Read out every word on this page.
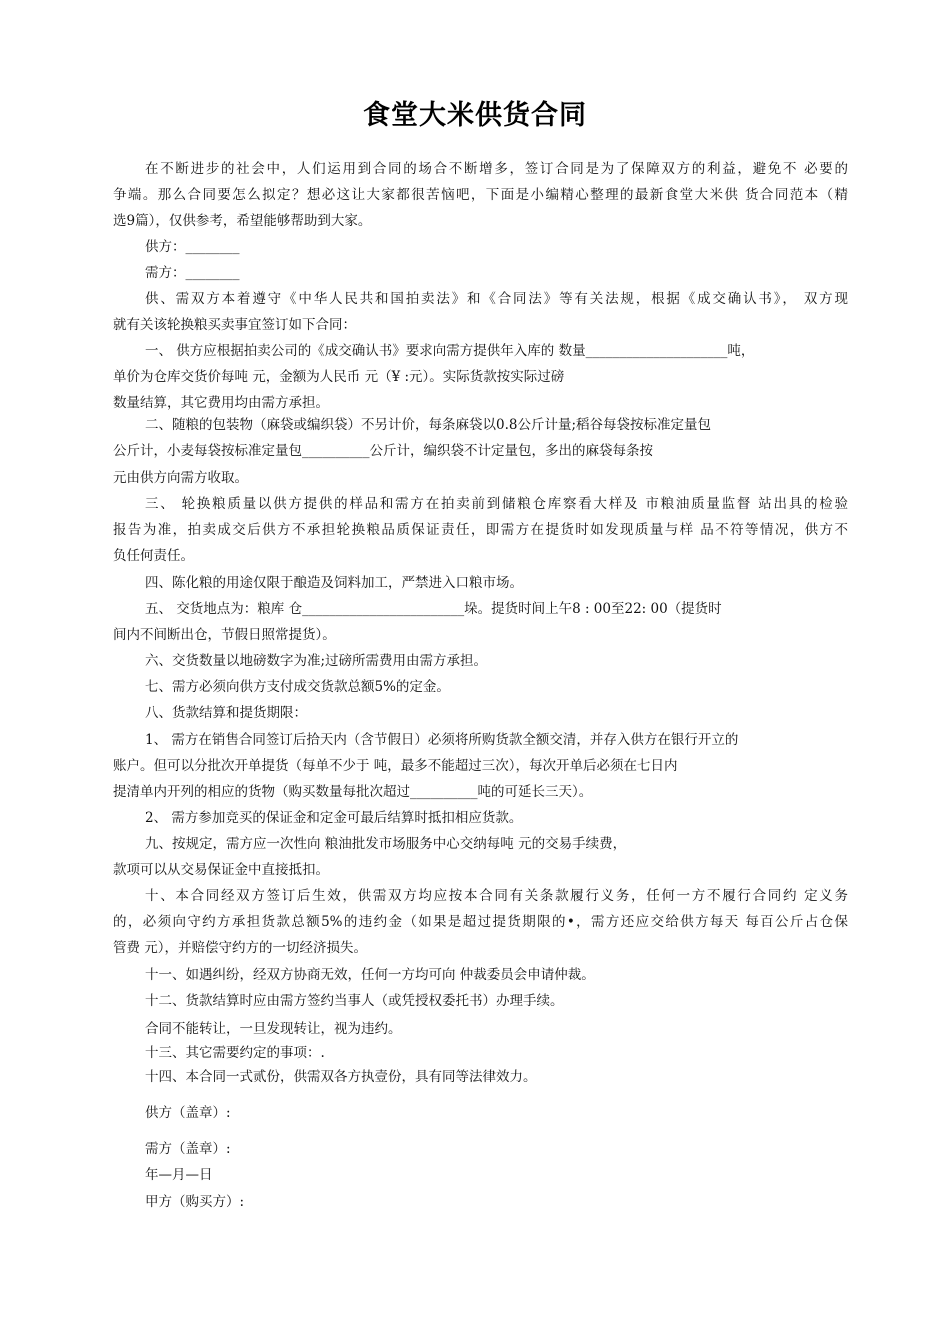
食堂大米供货合同
在不断进步的社会中，人们运用到合同的场合不断增多，签订合同是为了保障双方的利益，避免不 必要的
争端。那么合同要怎么拟定？想必这让大家都很苦恼吧，下面是小编精心整理的最新食堂大米供 货合同范本（精
选9篇），仅供参考，希望能够帮助到大家。
供方：________
需方：________
供、需双方本着遵守《中华人民共和国拍卖法》和《合同法》等有关法规，根据《成交确认书》， 双方现
就有关该轮换粮买卖事宜签订如下合同：
一、 供方应根据拍卖公司的《成交确认书》要求向需方提供年入库的 数量_____________________吨，
单价为仓库交货价每吨 元，金额为人民币 元（¥ :元）。实际货款按实际过磅
数量结算，其它费用均由需方承担。
二、随粮的包装物（麻袋或编织袋）不另计价，每条麻袋以0.8公斤计量;稻谷每袋按标准定量包
公斤计，小麦每袋按标准定量包__________公斤计，编织袋不计定量包，多出的麻袋每条按
元由供方向需方收取。
三、 轮换粮质量以供方提供的样品和需方在拍卖前到储粮仓库察看大样及 市粮油质量监督 站出具的检验
报告为准，拍卖成交后供方不承担轮换粮品质保证责任，即需方在提货时如发现质量与样 品不符等情况，供方不
负任何责任。
四、陈化粮的用途仅限于酿造及饲料加工，严禁进入口粮市场。
五、 交货地点为：粮库 仓________________________垛。提货时间上午8 : 00至22: 00（提货时
间内不间断出仓，节假日照常提货）。
六、交货数量以地磅数字为准;过磅所需费用由需方承担。
七、需方必须向供方支付成交货款总额5%的定金。
八、货款结算和提货期限：
1、 需方在销售合同签订后拾天内（含节假日）必须将所购货款全额交清，并存入供方在银行开立的
账户。但可以分批次开单提货（每单不少于 吨，最多不能超过三次），每次开单后必须在七日内
提清单内开列的相应的货物（购买数量每批次超过__________吨的可延长三天）。
2、 需方参加竞买的保证金和定金可最后结算时抵扣相应货款。
九、按规定，需方应一次性向 粮油批发市场服务中心交纳每吨 元的交易手续费，
款项可以从交易保证金中直接抵扣。
十、本合同经双方签订后生效，供需双方均应按本合同有关条款履行义务，任何一方不履行合同约 定义务
的，必须向守约方承担货款总额5%的违约金（如果是超过提货期限的•，需方还应交给供方每天 每百公斤占仓保
管费 元），并赔偿守约方的一切经济损失。
十一、如遇纠纷，经双方协商无效，任何一方均可向 仲裁委员会申请仲裁。
十二、货款结算时应由需方签约当事人（或凭授权委托书）办理手续。
合同不能转让，一旦发现转让，视为违约。
十三、其它需要约定的事项：.
十四、本合同一式贰份，供需双各方执壹份，具有同等法律效力。
供方（盖章）:
需方（盖章）:
年—月—日
甲方（购买方）:
